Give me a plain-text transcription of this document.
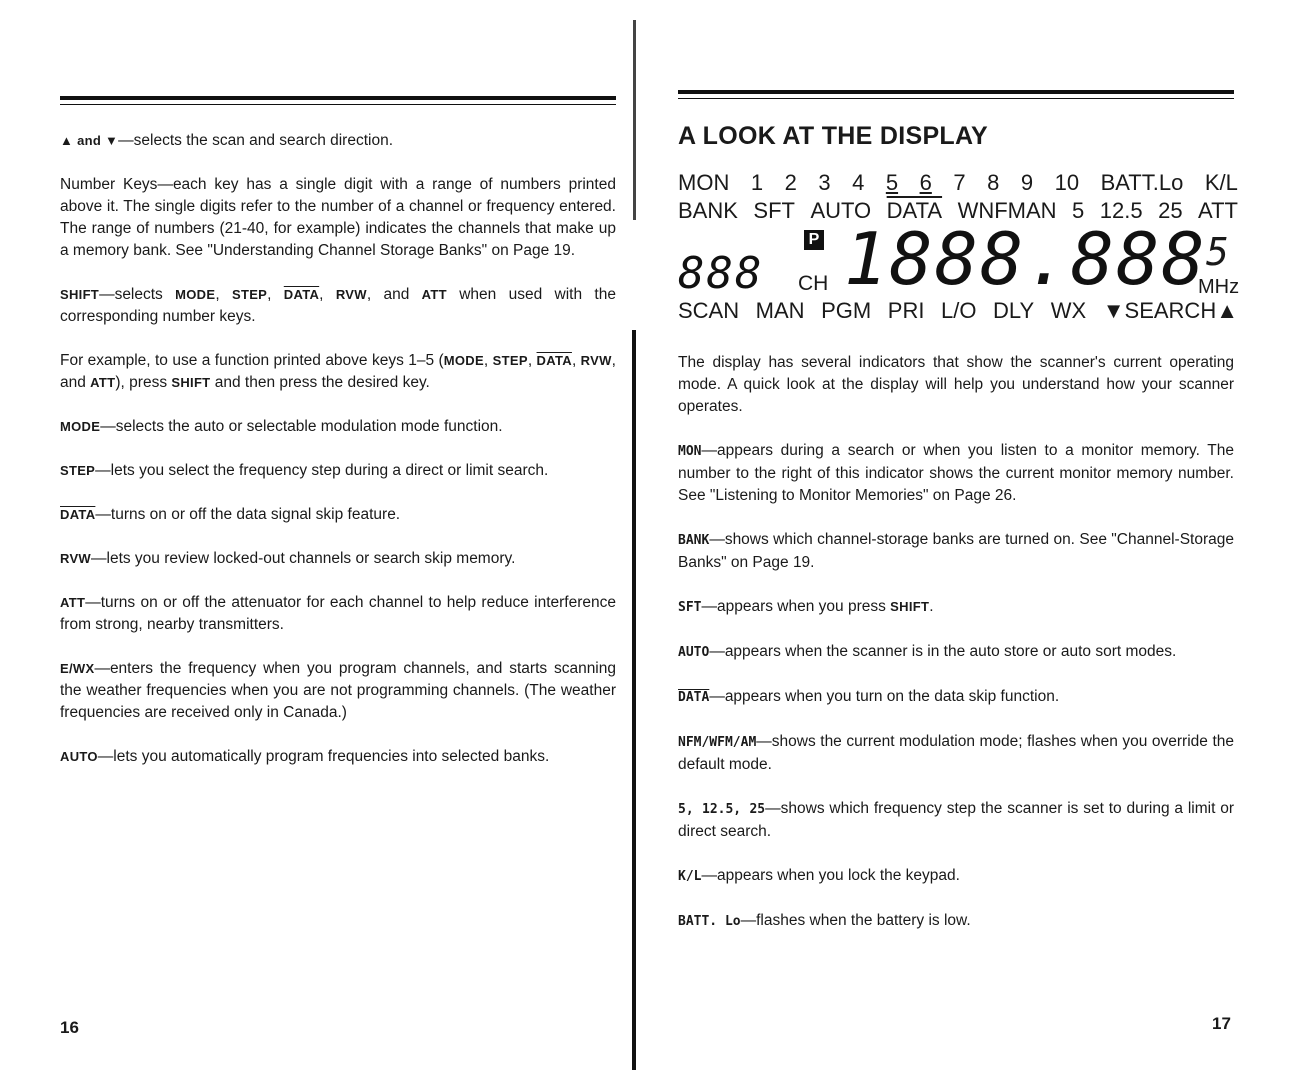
▲ and ▼—selects the scan and search direction.

Number Keys—each key has a single digit with a range of numbers printed above it. The single digits refer to the number of a channel or frequency entered. The range of numbers (21-40, for example) indicates the channels that make up a memory bank. See "Understanding Channel Storage Banks" on Page 19.

SHIFT—selects MODE, STEP, DATA, RVW, and ATT when used with the corresponding number keys.

For example, to use a function printed above keys 1–5 (MODE, STEP, DATA, RVW, and ATT), press SHIFT and then press the desired key.

MODE—selects the auto or selectable modulation mode function.

STEP—lets you select the frequency step during a direct or limit search.

DATA—turns on or off the data signal skip feature.

RVW—lets you review locked-out channels or search skip memory.

ATT—turns on or off the attenuator for each channel to help reduce interference from strong, nearby transmitters.

E/WX—enters the frequency when you program channels, and starts scanning the weather frequencies when you are not programming channels. (The weather frequencies are received only in Canada.)

AUTO—lets you automatically program frequencies into selected banks.

16
A LOOK AT THE DISPLAY
MON 1 2 3 4 5 6 7 8 9 10 BATT.Lo K/L
BANK SFT AUTO DATA WNFMAN 5 12.5 25 ATT
888
P
CH 1888.888 5
MHz
SCAN MAN PGM PRI L/O DLY WX ▼SEARCH▲

The display has several indicators that show the scanner's current operating mode. A quick look at the display will help you understand how your scanner operates.

MON—appears during a search or when you listen to a monitor memory. The number to the right of this indicator shows the current monitor memory number. See "Listening to Monitor Memories" on Page 26.

BANK—shows which channel-storage banks are turned on. See "Channel-Storage Banks" on Page 19.

SFT—appears when you press SHIFT.

AUTO—appears when the scanner is in the auto store or auto sort modes.

DATA—appears when you turn on the data skip function.

NFM/WFM/AM—shows the current modulation mode; flashes when you override the default mode.

5, 12.5, 25—shows which frequency step the scanner is set to during a limit or direct search.

K/L—appears when you lock the keypad.

BATT. Lo—flashes when the battery is low.

17
